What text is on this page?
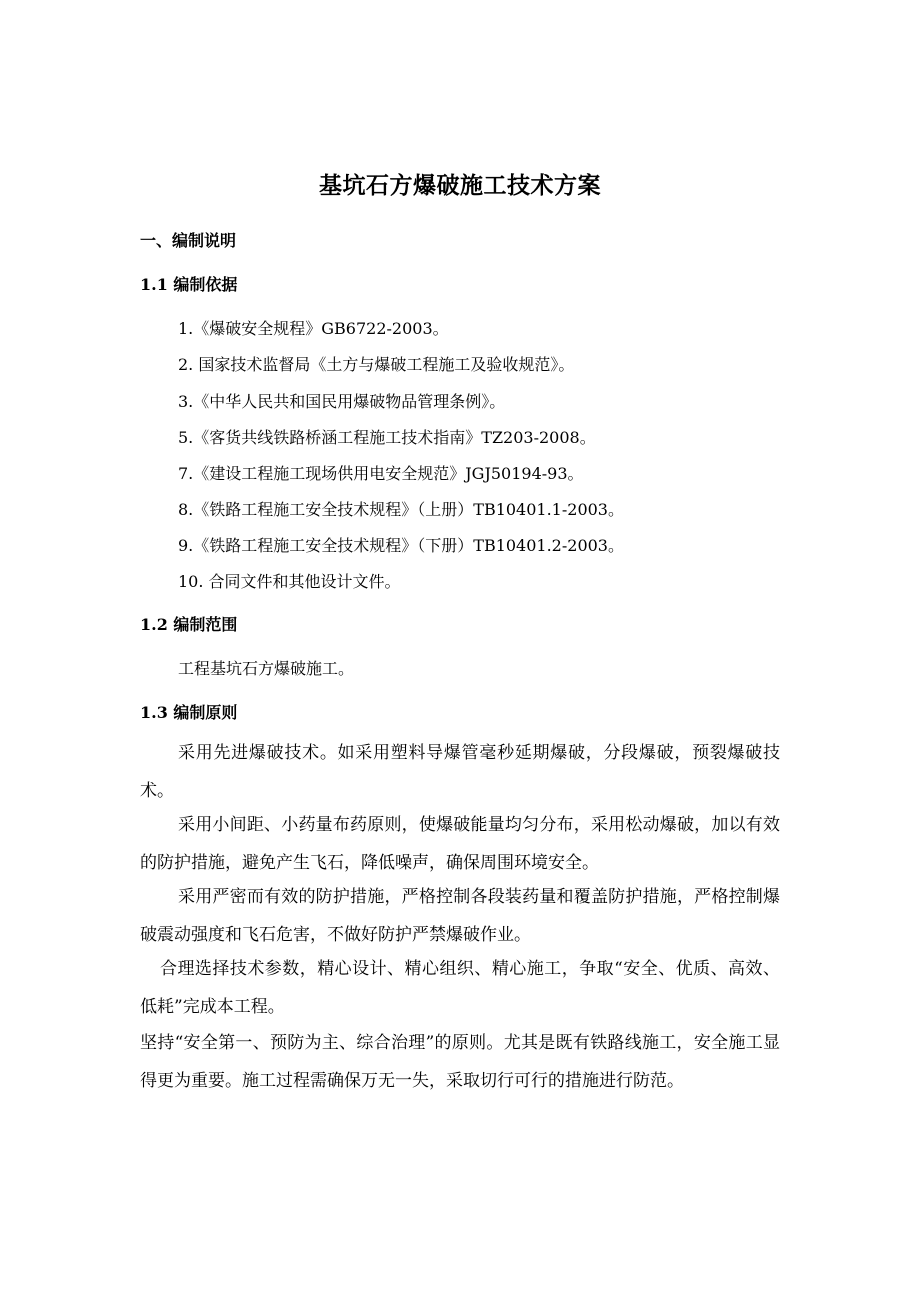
基坑石方爆破施工技术方案
一、编制说明
1.1 编制依据
1.《爆破安全规程》GB6722-2003。
2. 国家技术监督局《土方与爆破工程施工及验收规范》。
3.《中华人民共和国民用爆破物品管理条例》。
5.《客货共线铁路桥涵工程施工技术指南》TZ203-2008。
7.《建设工程施工现场供用电安全规范》JGJ50194-93。
8.《铁路工程施工安全技术规程》（上册）TB10401.1-2003。
9.《铁路工程施工安全技术规程》（下册）TB10401.2-2003。
10. 合同文件和其他设计文件。
1.2 编制范围
工程基坑石方爆破施工。
1.3 编制原则
采用先进爆破技术。如采用塑料导爆管毫秒延期爆破，分段爆破，预裂爆破技术。
采用小间距、小药量布药原则，使爆破能量均匀分布，采用松动爆破，加以有效的防护措施，避免产生飞石，降低噪声，确保周围环境安全。
采用严密而有效的防护措施，严格控制各段装药量和覆盖防护措施，严格控制爆破震动强度和飞石危害，不做好防护严禁爆破作业。
合理选择技术参数，精心设计、精心组织、精心施工，争取“安全、优质、高效、低耗”完成本工程。
坚持“安全第一、预防为主、综合治理”的原则。尤其是既有铁路线施工，安全施工显得更为重要。施工过程需确保万无一失，采取切行可行的措施进行防范。
